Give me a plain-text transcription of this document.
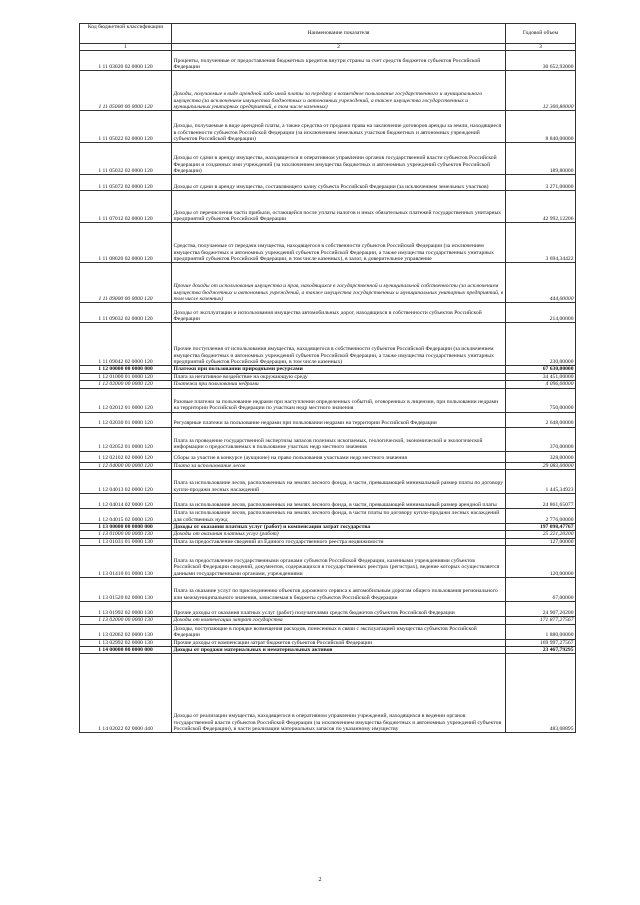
Код бюджетной классификации	Наименование показателя	Годовой объем
1	2	3
1 11 03020 02 0000 120	Проценты, полученные от предоставления бюджетных кредитов внутри страны за счет средств бюджетов субъектов Российской Федерации	30 652,92000
1 11 05000 00 0000 120	Доходы, получаемые в виде арендной либо иной платы за передачу в возмездное пользование государственного и муниципального имущества (за исключением имущества бюджетных и автономных учреждений, а также имущества государственных и муниципальных унитарных предприятий, в том числе казенных)	12 300,80000
1 11 05022 02 0000 120	Доходы, получаемые в виде арендной платы, а также средства от продажи права на заключение договоров аренды за земли, находящиеся в собственности субъектов Российской Федерации (за исключением земельных участков бюджетных и автономных учреждений субъектов Российской Федерации)	8 840,00000
1 11 05032 02 0000 120	Доходы от сдачи в аренду имущества, находящегося в оперативном управлении органов государственной власти субъектов Российской Федерации и созданных ими учреждений (за исключением имущества бюджетных и автономных учреждений субъектов Российской Федерации)	189,80000
1 11 05072 02 0000 120	Доходы от сдачи в аренду имущества, составляющего казну субъекта Российской Федерации (за исключением земельных участков)	3 271,00000
1 11 07012 02 0000 120	Доходы от перечисления части прибыли, остающейся после уплаты налогов и иных обязательных платежей государственных унитарных предприятий субъектов Российской Федерации	42 992,12206
1 11 08020 02 0000 120	Средства, получаемые от передачи имущества, находящегося в собственности субъектов Российской Федерации (за исключением имущества бюджетных и автономных учреждений субъектов Российской Федерации, а также имущества государственных унитарных предприятий субъектов Российской Федерации, в том числе казенных), в залог, в доверительное управление	3 694,34422
1 11 09000 00 0000 120	Прочие доходы от использования имущества и прав, находящихся в государственной и муниципальной собственности (за исключением имущества бюджетных и автономных учреждений, а также имущества государственных и муниципальных унитарных предприятий, в том числе казенных)	444,00000
1 11 09032 02 0000 120	Доходы от эксплуатации и использования имущества автомобильных дорог, находящихся в собственности субъектов Российской Федерации	214,00000
1 11 09042 02 0000 120	Прочие поступления от использования имущества, находящегося в собственности субъектов Российской Федерации (за исключением имущества бюджетных и автономных учреждений субъектов Российской Федерации, а также имущества государственных унитарных предприятий субъектов Российской Федерации, в том числе казенных)	230,00000
1 12 00000 00 0000 000	Платежи при пользовании природными ресурсами	67 630,00000
1 12 01000 01 0000 120	Плата за негативное воздействие на окружающую среду	34 451,00000
1 12 02000 00 0000 120	Платежи при пользовании недрами	4 096,00000
1 12 02012 01 0000 120	Разовые платежи за пользование недрами при наступлении определенных событий, оговоренных в лицензии, при пользовании недрами на территории Российской Федерации по участкам недр местного значения	750,00000
1 12 02030 01 0000 120	Регулярные платежи за пользование недрами при пользовании недрами на территории Российской Федерации	2 648,00000
1 12 02052 01 0000 120	Плата за проведение государственной экспертизы запасов полезных ископаемых, геологической, экономической и экологической информации о предоставляемых в пользование участках недр местного значения	370,00000
1 12 02102 02 0000 120	Сборы за участие в конкурсе (аукционе) на право пользования участками недр местного значения	328,00000
1 12 04000 00 0000 120	Плата за использование лесов	29 083,00000
1 12 04013 02 0000 120	Плата за использование лесов, расположенных на землях лесного фонда, в части, превышающей минимальный размер платы по договору купли-продажи лесных насаждений	1 445,34923
1 12 04014 02 0000 120	Плата за использование лесов, расположенных на землях лесного фонда, в части, превышающей минимальный размер арендной платы	24 861,65077
1 12 04015 02 0000 120	Плата за использование лесов, расположенных на землях лесного фонда, в части платы по договору купли-продажи лесных насаждений для собственных нужд	2 776,00000
1 13 00000 00 0000 000	Доходы от оказания платных услуг (работ) и компенсации затрат государства	197 098,47767
1 13 01000 00 0000 130	Доходы от оказания платных услуг (работ)	25 221,20200
1 13 01031 01 0000 130	Плата за предоставление сведений из Единого государственного реестра недвижимости	127,00000
1 13 01410 01 0000 130	Плата за предоставление государственными органами субъектов Российской Федерации, казенными учреждениями субъектов Российской Федерации сведений, документов, содержащихся в государственных реестрах (регистрах), ведение которых осуществляется данными государственными органами, учреждениями	120,00000
1 13 01520 02 0000 130	Плата за оказание услуг по присоединению объектов дорожного сервиса к автомобильным дорогам общего пользования регионального или межмуниципального значения, зачисляемая в бюджеты субъектов Российской Федерации	67,00000
1 13 01992 02 0000 130	Прочие доходы от оказания платных услуг (работ) получателями средств бюджетов субъектов Российской Федерации	24 907,20200
1 13 02000 00 0000 130	Доходы от компенсации затрат государства	171 877,27567
1 13 02062 02 0000 130	Доходы, поступающие в порядке возмещения расходов, понесенных в связи с эксплуатацией имущества субъектов Российской Федерации	1 880,00000
1 13 02992 02 0000 130	Прочие доходы от компенсации затрат бюджетов субъектов Российской Федерации	169 997,27567
1 14 00000 00 0000 000	Доходы от продажи материальных и нематериальных активов	23 467,79295
1 14 02022 02 0000 440	Доходы от реализации имущества, находящегося в оперативном управлении учреждений, находящихся в ведении органов государственной власти субъектов Российской Федерации (за исключением имущества бюджетных и автономных учреждений субъектов Российской Федерации), в части реализации материальных запасов по указанному имуществу	483,08895
2
